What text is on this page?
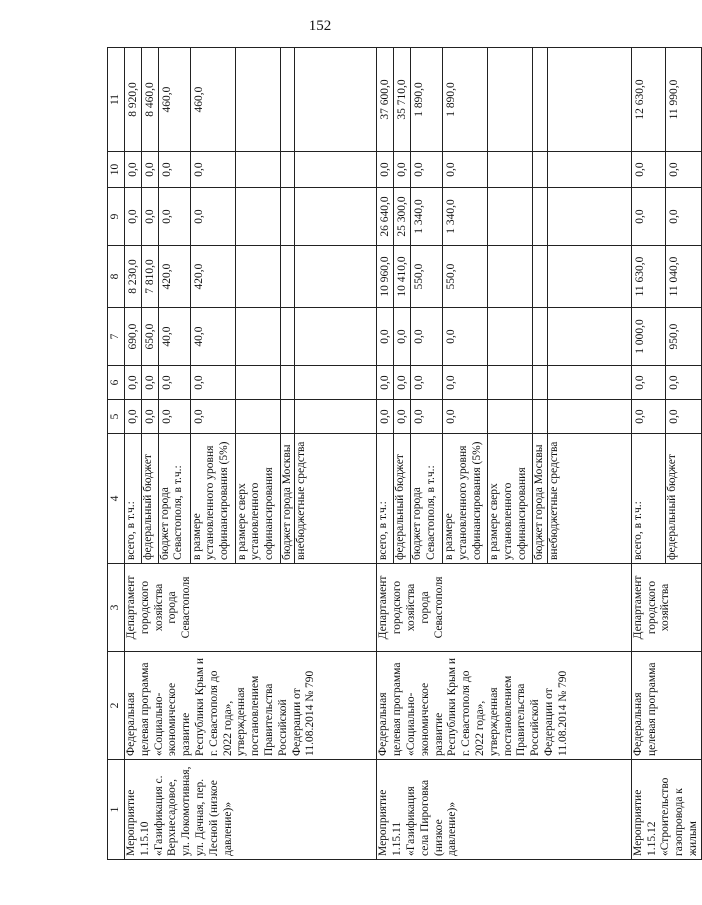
152
1	2	3	4	5	6	7	8	9	10	11
Мероприятие 1.15.10 «Газификация с. Верхнесадовое, ул. Локомотивная, ул. Дачная, пер. Лесной (низкое давление)»	Федеральная целевая программа «Социально-экономическое развитие Республики Крым и г. Севастополя до 2022 года», утвержденная постановлением Правительства Российской Федерации от 11.08.2014 № 790	Департамент городского хозяйства города Севастополя	всего, в т.ч.:	0,0	0,0	690,0	8 230,0	0,0	0,0	8 920,0
			федеральный бюджет	0,0	0,0	650,0	7 810,0	0,0	0,0	8 460,0
			бюджет города Севастополя, в т.ч.:	0,0	0,0	40,0	420,0	0,0	0,0	460,0
			в размере установленного уровня софинансирования (5%)	0,0	0,0	40,0	420,0	0,0	0,0	460,0
			в размере сверх установленного софинансирования							
			бюджет города Москвы							
			внебюджетные средства							
Мероприятие 1.15.11 «Газификация села Пироговка (низкое давление)»	Федеральная целевая программа «Социально-экономическое развитие Республики Крым и г. Севастополя до 2022 года», утвержденная постановлением Правительства Российской Федерации от 11.08.2014 № 790	Департамент городского хозяйства города Севастополя	всего, в т.ч.:	0,0	0,0	0,0	10 960,0	26 640,0	0,0	37 600,0
			федеральный бюджет	0,0	0,0	0,0	10 410,0	25 300,0	0,0	35 710,0
			бюджет города Севастополя, в т.ч.:	0,0	0,0	0,0	550,0	1 340,0	0,0	1 890,0
			в размере установленного уровня софинансирования (5%)	0,0	0,0	0,0	550,0	1 340,0	0,0	1 890,0
			в размере сверх установленного софинансирования							
			бюджет города Москвы							
			внебюджетные средства							
Мероприятие 1.15.12 «Строительство газопровода к жилым	Федеральная целевая программа	Департамент городского хозяйства	всего, в т.ч.:	0,0	0,0	1 000,0	11 630,0	0,0	0,0	12 630,0
			федеральный бюджет	0,0	0,0	950,0	11 040,0	0,0	0,0	11 990,0
